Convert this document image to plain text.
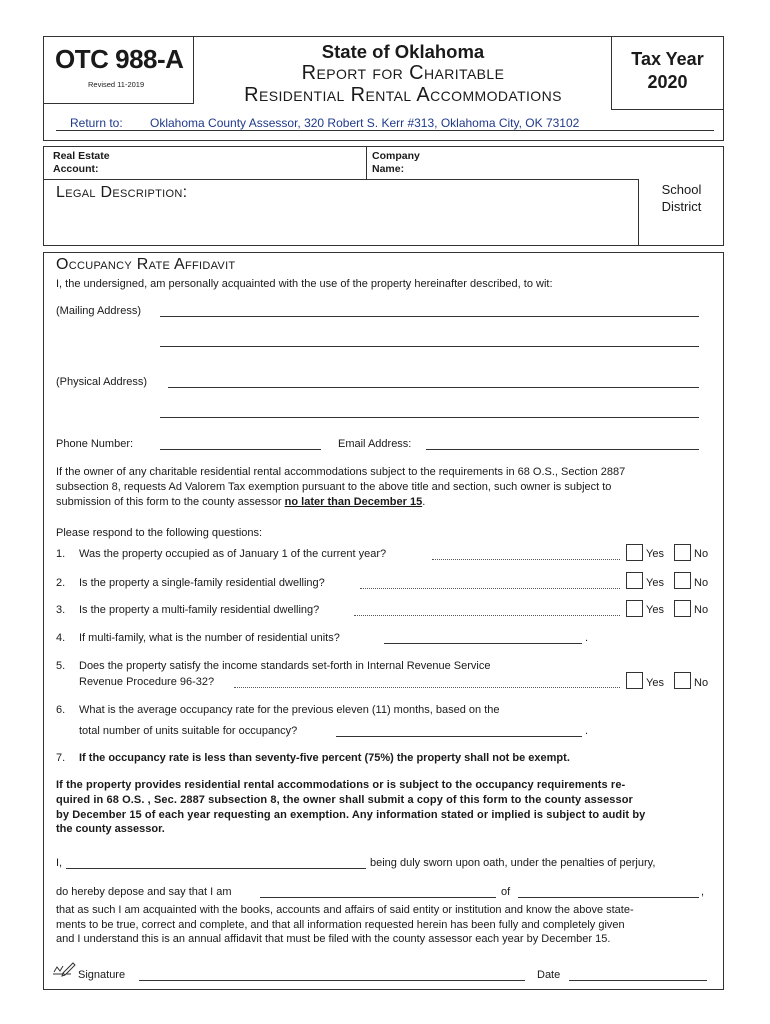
OTC 988-A
Revised 11-2019
State of Oklahoma
Report for Charitable
Residential Rental Accommodations
Tax Year
2020
Return to: Oklahoma County Assessor, 320 Robert S. Kerr #313, Oklahoma City, OK 73102
Real Estate
Account:
Company
Name:
Legal Description:	School
District
Occupancy Rate Affidavit
I, the undersigned, am personally acquainted with the use of the property hereinafter described, to wit:
(Mailing Address)
(Physical Address)
Phone Number:	Email Address:
If the owner of any charitable residential rental accommodations subject to the requirements in 68 O.S., Section 2887
subsection 8, requests Ad Valorem Tax exemption pursuant to the above title and section, such owner is subject to
submission of this form to the county assessor no later than December 15.
Please respond to the following questions:
1. Was the property occupied as of January 1 of the current year?	Yes	No
2. Is the property a single-family residential dwelling?	Yes	No
3. Is the property a multi-family residential dwelling?	Yes	No
4. If multi-family, what is the number of residential units?	.
5. Does the property satisfy the income standards set-forth in Internal Revenue Service
Revenue Procedure 96-32?	Yes	No
6. What is the average occupancy rate for the previous eleven (11) months, based on the
total number of units suitable for occupancy?	.
7. If the occupancy rate is less than seventy-five percent (75%) the property shall not be exempt.
If the property provides residential rental accommodations or is subject to the occupancy requirements re-
quired in 68 O.S. , Sec. 2887 subsection 8, the owner shall submit a copy of this form to the county assessor
by December 15 of each year requesting an exemption. Any information stated or implied is subject to audit by
the county assessor.
I,	being duly sworn upon oath, under the penalties of perjury,
do hereby depose and say that I am	of	,
that as such I am acquainted with the books, accounts and affairs of said entity or institution and know the above state-
ments to be true, correct and complete, and that all information requested herein has been fully and completely given
and I understand this is an annual affidavit that must be filed with the county assessor each year by December 15.
Signature	Date
